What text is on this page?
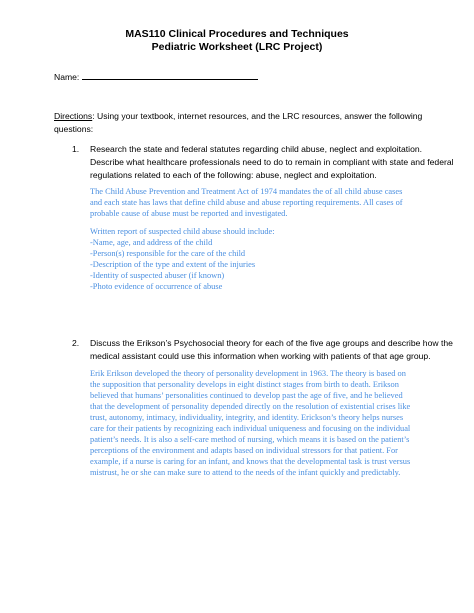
MAS110 Clinical Procedures and Techniques
Pediatric Worksheet (LRC Project)
Name:
Directions: Using your textbook, internet resources, and the LRC resources, answer the following
questions:
1. Research the state and federal statutes regarding child abuse, neglect and exploitation.
Describe what healthcare professionals need to do to remain in compliant with state and federal
regulations related to each of the following: abuse, neglect and exploitation.
The Child Abuse Prevention and Treatment Act of 1974 mandates the of all child abuse cases
and each state has laws that define child abuse and abuse reporting requirements. All cases of
probable cause of abuse must be reported and investigated.
Written report of suspected child abuse should include:
-Name, age, and address of the child
-Person(s) responsible for the care of the child
-Description of the type and extent of the injuries
-Identity of suspected abuser (if known)
-Photo evidence of occurrence of abuse
2. Discuss the Erikson’s Psychosocial theory for each of the five age groups and describe how the
medical assistant could use this information when working with patients of that age group.
Erik Erikson developed the theory of personality development in 1963. The theory is based on
the supposition that personality develops in eight distinct stages from birth to death. Erikson
believed that humans’ personalities continued to develop past the age of five, and he believed
that the development of personality depended directly on the resolution of existential crises like
trust, autonomy, intimacy, individuality, integrity, and identity. Erickson’s theory helps nurses
care for their patients by recognizing each individual uniqueness and focusing on the individual
patient’s needs. It is also a self-care method of nursing, which means it is based on the patient’s
perceptions of the environment and adapts based on individual stressors for that patient. For
example, if a nurse is caring for an infant, and knows that the developmental task is trust versus
mistrust, he or she can make sure to attend to the needs of the infant quickly and predictably.
